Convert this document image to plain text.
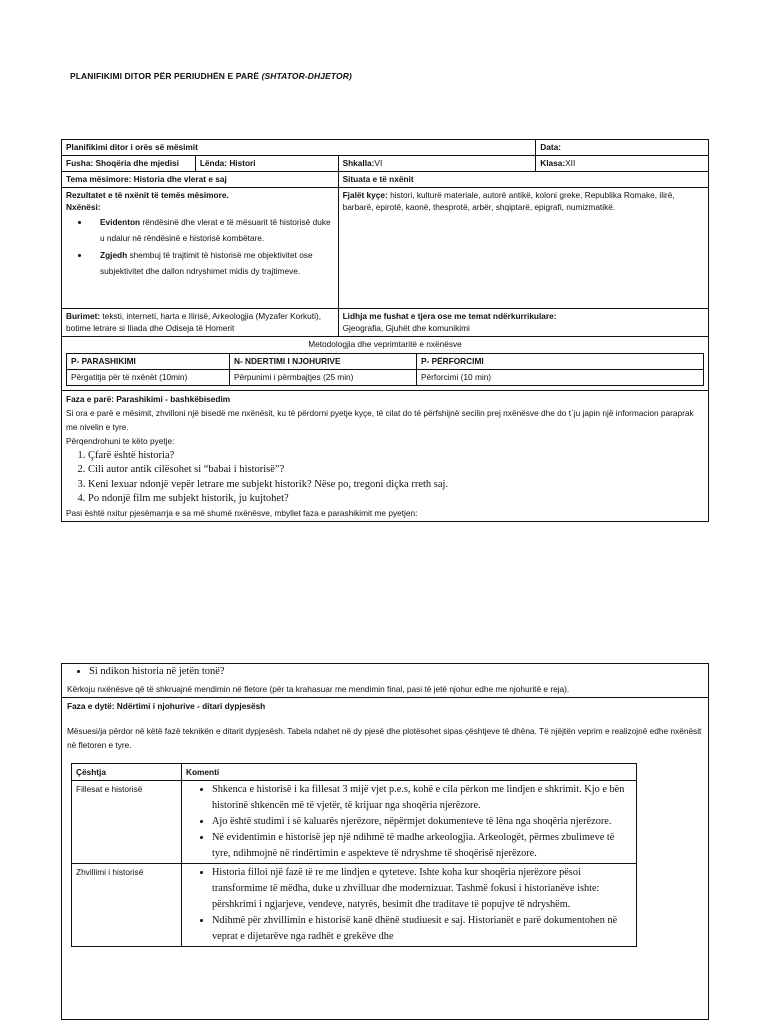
PLANIFIKIMI DITOR PËR PERIUDHËN E PARË (SHTATOR-DHJETOR)
Planifikimi ditor i orës së mësimit	Data:
Fusha: Shoqëria dhe mjedisi	Lënda: Histori	Shkalla:VI	Klasa:XII
Tema mësimore: Historia dhe vlerat e saj	Situata e të nxënit

Rezultatet e të nxënit të temës mësimore.
Nxënësi:
• Evidenton rëndësinë dhe vlerat e të mësuarit të historisë duke u ndalur në rëndësinë e historisë kombëtare.
• Zgjedh shembuj të trajtimit të historisë me objektivitet ose subjektivitet dhe dallon ndryshimet midis dy trajtimeve.
	Fjalët kyçe: histori, kulturë materiale, autorë antikë, koloni greke, Republika Romake, ilirë, barbarë, epirotë, kaonë, thesprotë, arbër, shqiptarë, epigrafi, numizmatikë.
Burimet: teksti, interneti, harta e Ilirisë, Arkeologjia (Myzafer Korkuti), botime letrare si Iliada dhe Odiseja të Homerit	
Lidhja me fushat e tjera ose me temat ndërkurrikulare:
Gjeografia, Gjuhët dhe komunikimi

Metodologjia dhe veprimtaritë e nxënësve
P- PARASHIKIMI	N- NDERTIMI I NJOHURIVE	P- PËRFORCIMI
Përgatitja për të nxënët (10min)	Përpunimi i përmbajtjes (25 min)	Përforcimi (10 min)

Faza e parë: Parashikimi - bashkëbisedim

Si ora e parë e mësimit, zhvilloni një bisedë me nxënësit, ku të përdorni pyetje kyçe, të cilat do të përfshijnë secilin prej nxënësve dhe do t`ju japin një informacion paraprak me nivelin e tyre.

Përqendrohuni te këto pyetje:

1. Çfarë është historia?
2. Cili autor antik cilësohet si “babai i historisë”?
3. Keni lexuar ndonjë vepër letrare me subjekt historik? Nëse po, tregoni diçka rreth saj.
4. Po ndonjë film me subjekt historik, ju kujtohet?

Pasi është nxitur pjesëmarrja e sa më shumë nxënësve, mbyllet faza e parashikimit me pyetjen:

• Si ndikon historia në jetën tonë?

Kërkoju nxënësve që të shkruajnë mendimin në fletore (për ta krahasuar me mendimin final, pasi të jetë njohur edhe me njohuritë e reja).

Faza e dytë: Ndërtimi i njohurive - ditari dypjesësh

Mësuesi/ja përdor në këtë fazë teknikën e ditarit dypjesësh. Tabela ndahet në dy pjesë dhe plotësohet sipas çështjeve të dhëna. Të njëjtën veprim e realizojnë edhe nxënësit në fletoren e tyre.

Çështja	Komenti
Fillesat e historisë	
•Shkenca e historisë i ka fillesat 3 mijë vjet p.e.s, kohë e cila përkon me lindjen e shkrimit. Kjo e bën historinë shkencën më të vjetër, të krijuar nga shoqëria njerëzore.
• Ajo është studimi i së kaluarës njerëzore, nëpërmjet dokumenteve të lëna nga shoqëria njerëzore.
• Në evidentimin e historisë jep një ndihmë të madhe arkeologjia. Arkeologët, përmes zbulimeve të tyre, ndihmojnë në rindërtimin e aspekteve të ndryshme të shoqërisë njerëzore.

Zhvillimi i historisë	
•Historia filloi një fazë të re me lindjen e qyteteve. Ishte koha kur shoqëria njerëzore pësoi transformime të mëdha, duke u zhvilluar dhe modernizuar. Tashmë fokusi i historianëve ishte: përshkrimi i ngjarjeve, vendeve, natyrës, besimit dhe traditave të popujve të ndryshëm.
• Ndihmë për zhvillimin e historisë kanë dhënë studiuesit e saj. Historianët e parë dokumentohen në veprat e dijetarëve nga radhët e grekëve dhe
